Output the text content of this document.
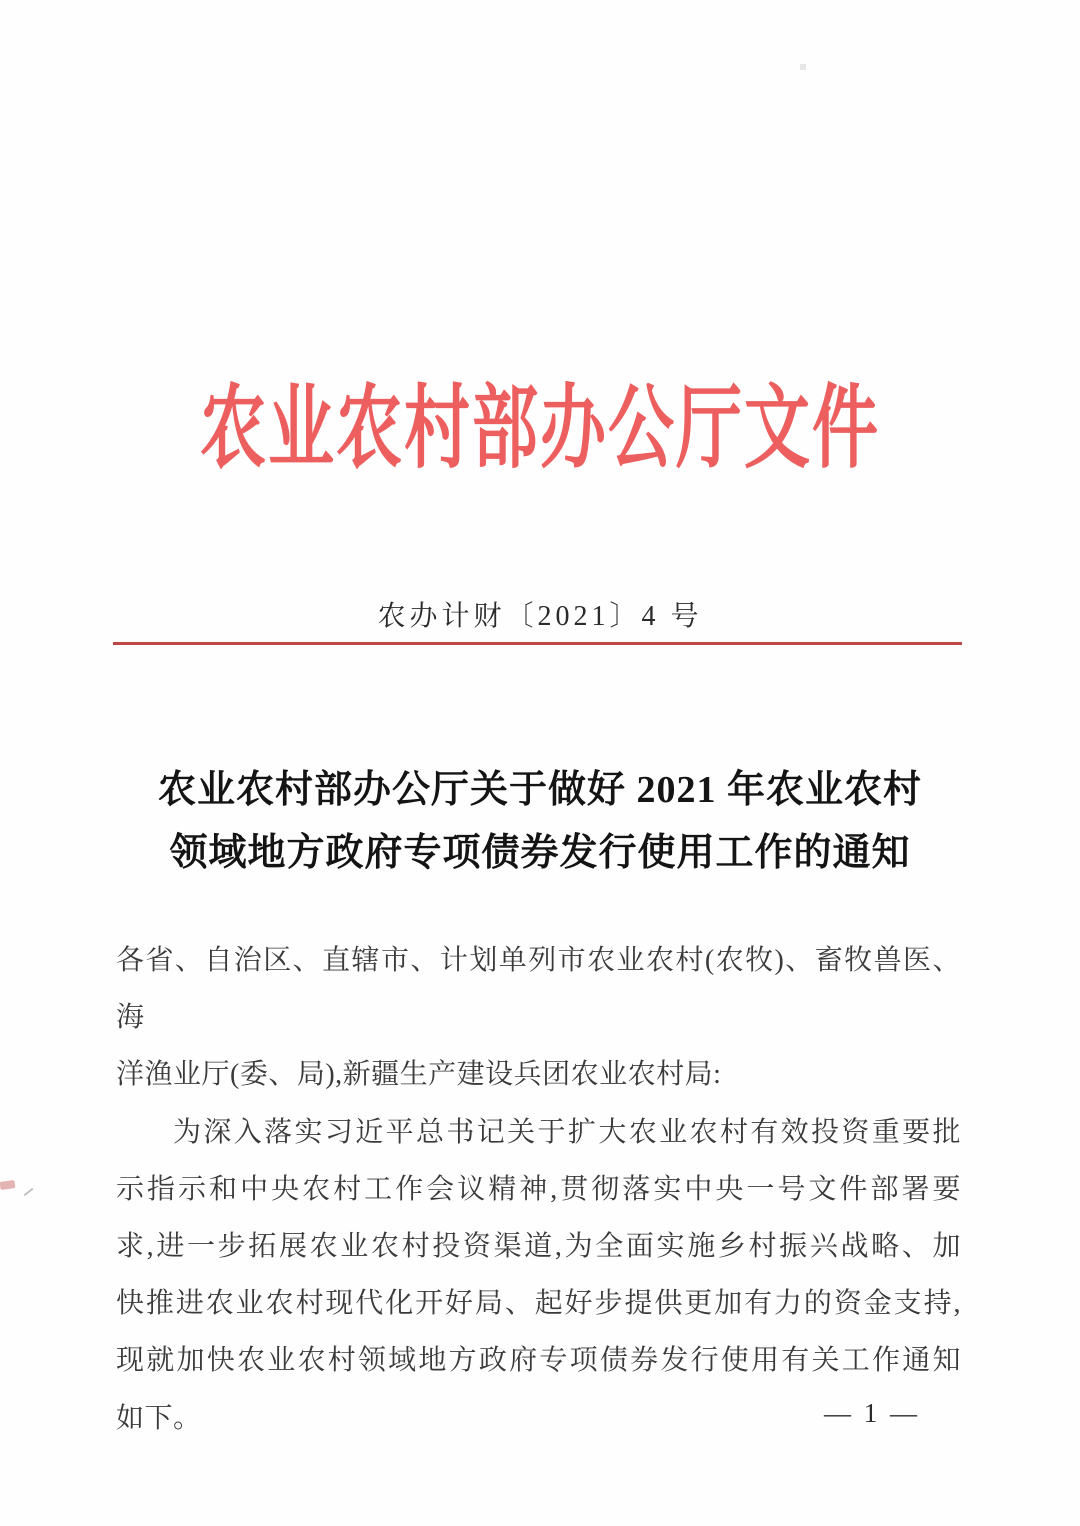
农业农村部办公厅文件
农办计财〔2021〕4 号
农业农村部办公厅关于做好 2021 年农业农村
领域地方政府专项债券发行使用工作的通知
各省、自治区、直辖市、计划单列市农业农村(农牧)、畜牧兽医、海
洋渔业厅(委、局),新疆生产建设兵团农业农村局:
为深入落实习近平总书记关于扩大农业农村有效投资重要批
示指示和中央农村工作会议精神,贯彻落实中央一号文件部署要
求,进一步拓展农业农村投资渠道,为全面实施乡村振兴战略、加
快推进农业农村现代化开好局、起好步提供更加有力的资金支持,
现就加快农业农村领域地方政府专项债券发行使用有关工作通知
如下。	— 1 —
